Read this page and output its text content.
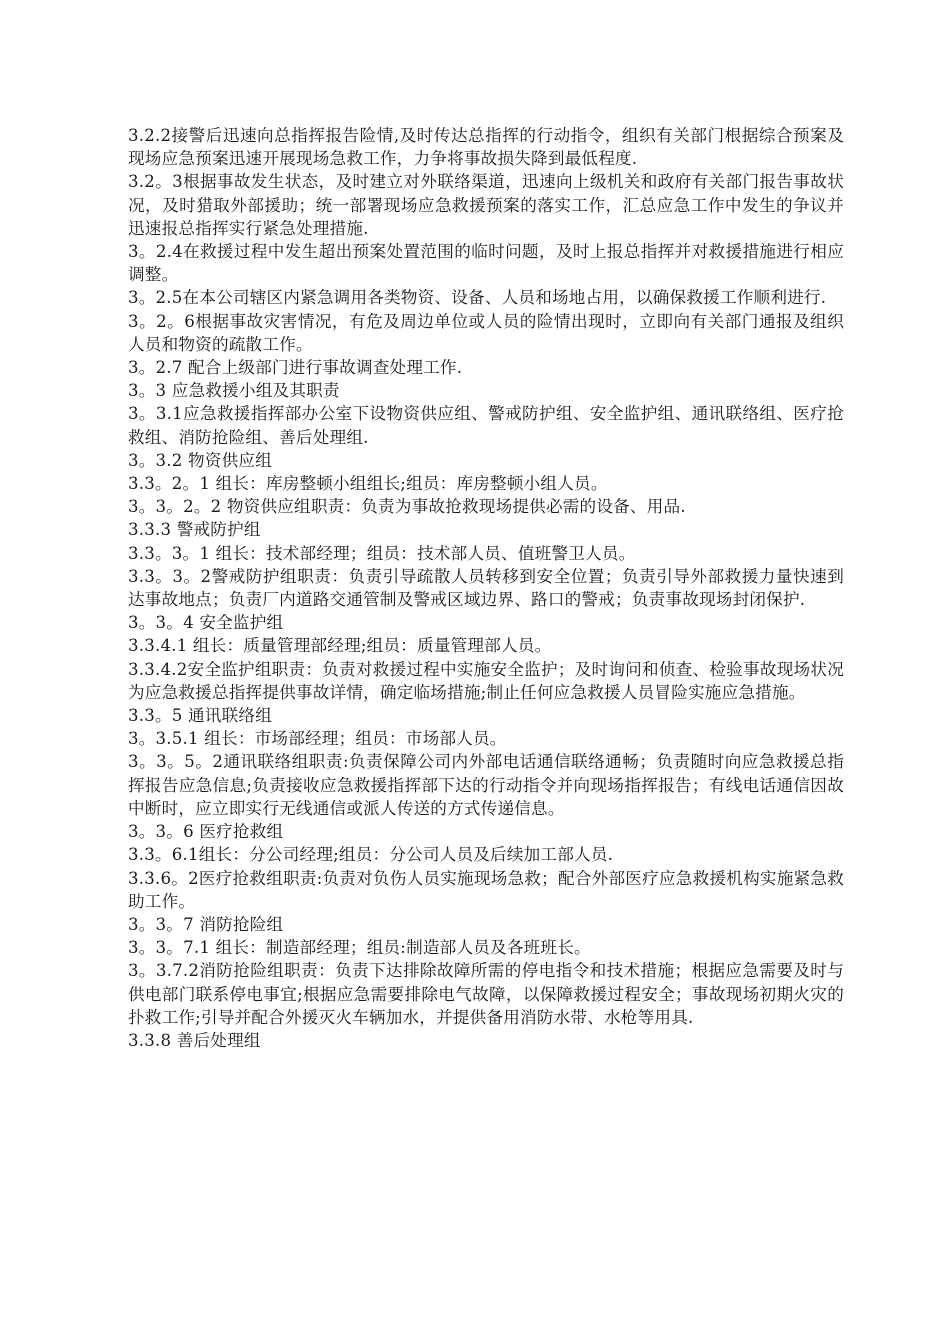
3.2.2接警后迅速向总指挥报告险情,及时传达总指挥的行动指令，组织有关部门根据综合预案及现场应急预案迅速开展现场急救工作，力争将事故损失降到最低程度.

3.2。3根据事故发生状态，及时建立对外联络渠道，迅速向上级机关和政府有关部门报告事故状况，及时猎取外部援助；统一部署现场应急救援预案的落实工作，汇总应急工作中发生的争议并迅速报总指挥实行紧急处理措施.

3。2.4在救援过程中发生超出预案处置范围的临时问题，及时上报总指挥并对救援措施进行相应调整。

3。2.5在本公司辖区内紧急调用各类物资、设备、人员和场地占用，以确保救援工作顺利进行.

3。2。6根据事故灾害情况，有危及周边单位或人员的险情出现时，立即向有关部门通报及组织人员和物资的疏散工作。

3。2.7 配合上级部门进行事故调查处理工作.

3。3 应急救援小组及其职责

3。3.1应急救援指挥部办公室下设物资供应组、警戒防护组、安全监护组、通讯联络组、医疗抢救组、消防抢险组、善后处理组.

3。3.2 物资供应组

3.3。2。1 组长：库房整顿小组组长;组员：库房整顿小组人员。

3。3。2。2 物资供应组职责：负责为事故抢救现场提供必需的设备、用品.

3.3.3 警戒防护组

3.3。3。1 组长：技术部经理；组员：技术部人员、值班警卫人员。

3.3。3。2警戒防护组职责：负责引导疏散人员转移到安全位置；负责引导外部救援力量快速到达事故地点；负责厂内道路交通管制及警戒区域边界、路口的警戒；负责事故现场封闭保护.

3。3。4 安全监护组

3.3.4.1 组长：质量管理部经理;组员：质量管理部人员。

3.3.4.2安全监护组职责：负责对救援过程中实施安全监护；及时询问和侦查、检验事故现场状况为应急救援总指挥提供事故详情，确定临场措施;制止任何应急救援人员冒险实施应急措施。

3.3。5 通讯联络组

3。3.5.1 组长：市场部经理；组员：市场部人员。

3。3。5。2通讯联络组职责:负责保障公司内外部电话通信联络通畅；负责随时向应急救援总指挥报告应急信息;负责接收应急救援指挥部下达的行动指令并向现场指挥报告；有线电话通信因故中断时，应立即实行无线通信或派人传送的方式传递信息。

3。3。6 医疗抢救组

3.3。6.1组长：分公司经理;组员：分公司人员及后续加工部人员.

3.3.6。2医疗抢救组职责:负责对负伤人员实施现场急救；配合外部医疗应急救援机构实施紧急救助工作。

3。3。7 消防抢险组

3。3。7.1 组长：制造部经理；组员:制造部人员及各班班长。

3。3.7.2消防抢险组职责：负责下达排除故障所需的停电指令和技术措施；根据应急需要及时与供电部门联系停电事宜;根据应急需要排除电气故障，以保障救援过程安全；事故现场初期火灾的扑救工作;引导并配合外援灭火车辆加水，并提供备用消防水带、水枪等用具.

3.3.8 善后处理组
